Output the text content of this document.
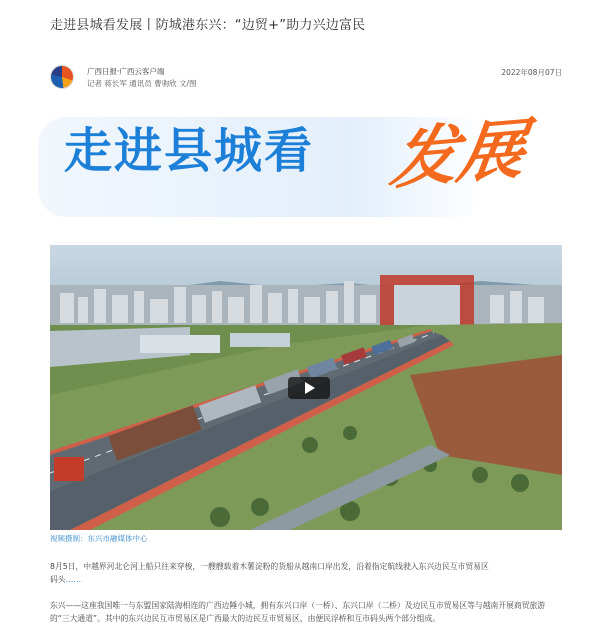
走进县城看发展丨防城港东兴：“边贸+”助力兴边富民
广西日报·广西云客户端
记者 蒋长军 通讯员 曹驹欣 文/图
2022年08月07日
走进县城看 发展
视频摄制：东兴市融媒体中心
8月5日，中越界河北仑河上船只往来穿梭，一艘艘载着木薯淀粉的货船从越南口岸出发，沿着指定航线驶入东兴边民互市贸易区
码头……
东兴——这座我国唯一与东盟国家陆海相连的广西边陲小城，拥有东兴口岸（一桥）、东兴口岸（二桥）及边民互市贸易区等与越南开展商贸旅游的“三大通道”。其中的东兴边民互市贸易区是广西最大的边民互市贸易区，由便民浮桥和互市码头两个部分组成。
